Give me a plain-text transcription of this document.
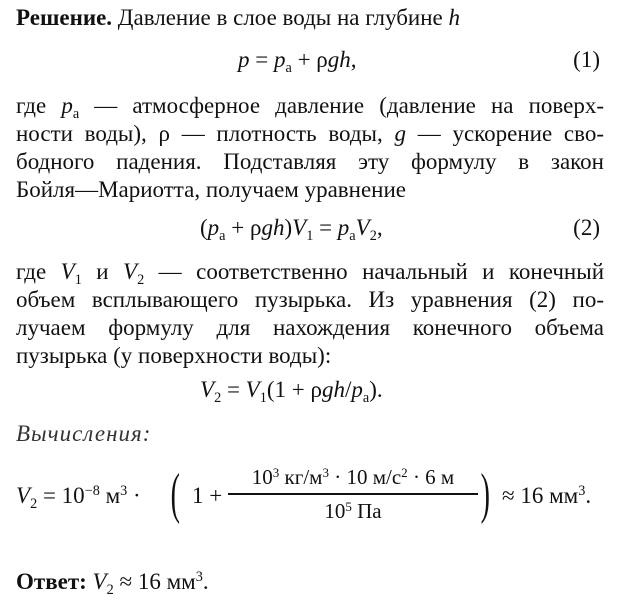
Решение. Давление в слое воды на глубине h
$p = p_а + \rho gh$,	(1)
где $p_а$ — атмосферное давление (давление на поверх-
ности воды), ρ — плотность воды, g — ускорение сво-
бодного падения. Подставляя эту формулу в закон
Бойля—Мариотта, получаем уравнение
$(p_а + \rho gh)V_1 = p_аV_2$,	(2)
где $V_1$ и $V_2$ — соответственно начальный и конечный
объем всплывающего пузырька. Из уравнения (2) по-
лучаем формулу для нахождения конечного объема
пузырька (у поверхности воды):
$V_2 = V_1(1 + \rho gh/p_а)$.
Вычисления:
$V_2 = 10^{-8}$ $м^3$ · ( 1 +
$10^3$ $кг/м^3 \cdot 10$ $м/с^2 \cdot 6$ м
$10^5$ Па	) ≈ 16 $мм^3$.
Ответ: $V_2 \approx 16$ $мм^3$.
